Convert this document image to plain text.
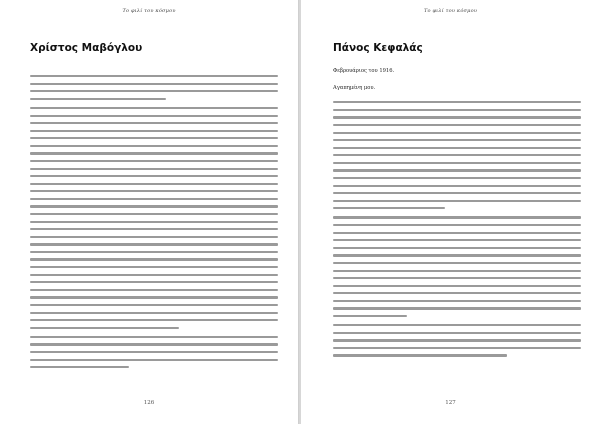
Το φιλί του κόσμου
Χρίστος Μαβόγλου

126
Το φιλί του κόσμου
Πάνος Κεφαλάς

Φεβρουάριος του 1916.

Αγαπημένη μου.

127
